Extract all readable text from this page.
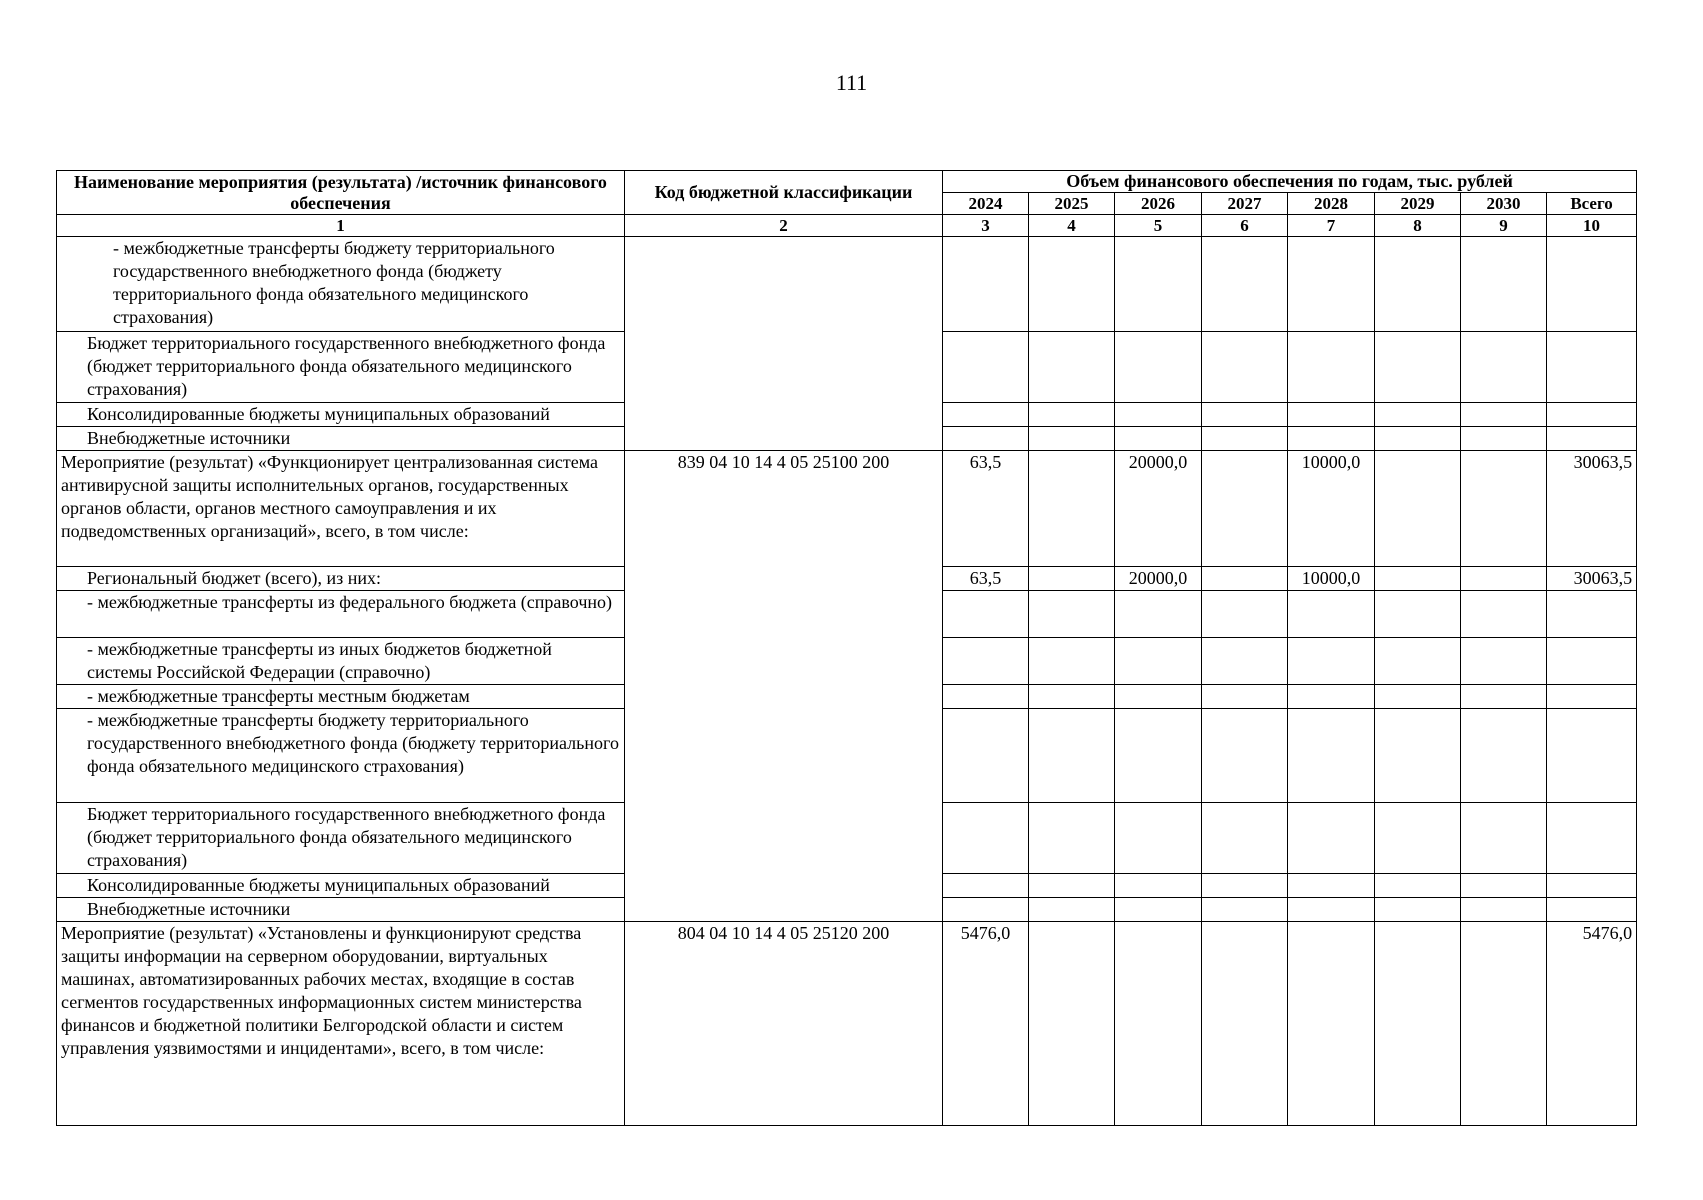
111
Наименование мероприятия (результата) /источник финансового обеспечения	Код бюджетной классификации	Объем финансового обеспечения по годам, тыс. рублей							
		2024	2025	2026	2027	2028	2029	2030	Всего
1	2	3	4	5	6	7	8	9	10
- межбюджетные трансферты бюджету территориального государственного внебюджетного фонда (бюджету территориального фонда обязательного медицинского страхования)									
Бюджет территориального государственного внебюджетного фонда (бюджет территориального фонда обязательного медицинского страхования)									
Консолидированные бюджеты муниципальных образований									
Внебюджетные источники									
Мероприятие (результат) «Функционирует централизованная система антивирусной защиты исполнительных органов, государственных органов области, органов местного самоуправления и их подведомственных организаций», всего, в том числе:	839 04 10 14 4 05 25100 200	63,5		20000,0		10000,0			30063,5
Региональный бюджет (всего), из них:		63,5		20000,0		10000,0			30063,5
- межбюджетные трансферты из федерального бюджета (справочно)									
- межбюджетные трансферты из иных бюджетов бюджетной системы Российской Федерации (справочно)									
- межбюджетные трансферты местным бюджетам									
- межбюджетные трансферты бюджету территориального государственного внебюджетного фонда (бюджету территориального фонда обязательного медицинского страхования)									
Бюджет территориального государственного внебюджетного фонда (бюджет территориального фонда обязательного медицинского страхования)									
Консолидированные бюджеты муниципальных образований									
Внебюджетные источники									
Мероприятие (результат) «Установлены и функционируют средства защиты информации на серверном оборудовании, виртуальных машинах, автоматизированных рабочих местах, входящие в состав сегментов государственных информационных систем министерства финансов и бюджетной политики Белгородской области и систем управления уязвимостями и инцидентами», всего, в том числе:	804 04 10 14 4 05 25120 200	5476,0							5476,0
